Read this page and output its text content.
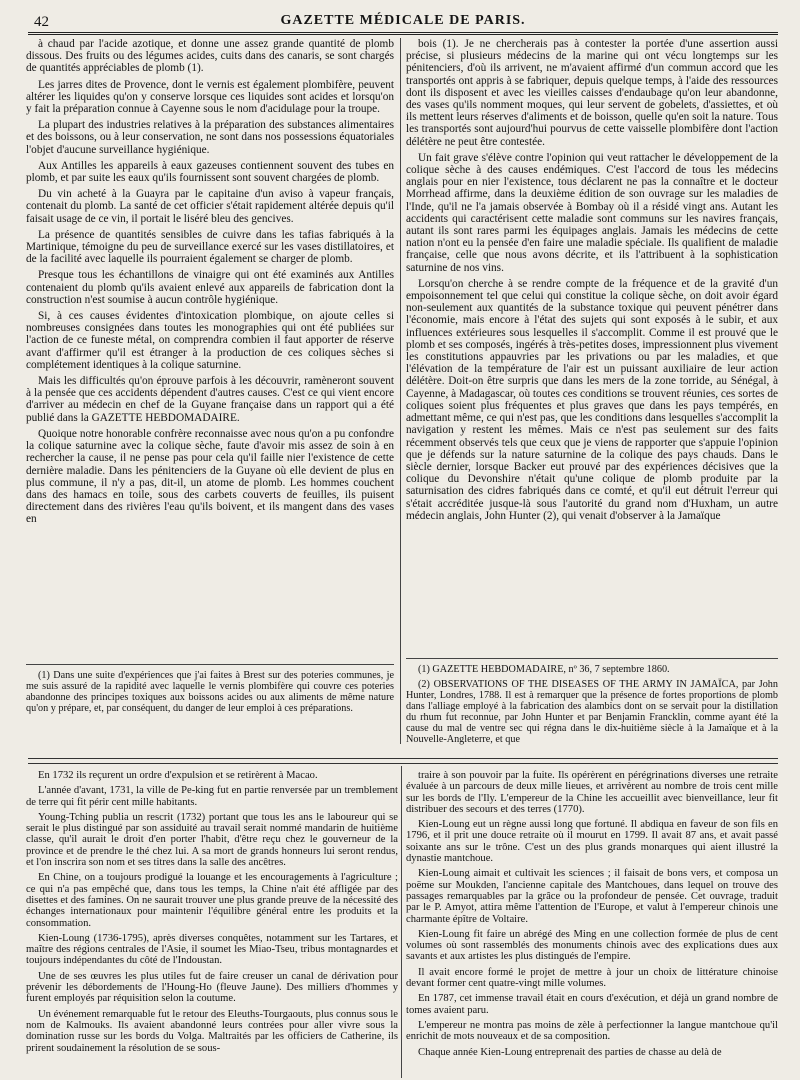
42	GAZETTE MÉDICALE DE PARIS.

à chaud par l'acide azotique, et donne une assez grande quantité de plomb dissous. Des fruits ou des légumes acides, cuits dans des canaris, se sont chargés de quantités appréciables de plomb (1).

Les jarres dites de Provence, dont le vernis est également plombifère, peuvent altérer les liquides qu'on y conserve lorsque ces liquides sont acides et lorsqu'on y fait la préparation connue à Cayenne sous le nom d'acidulage pour la troupe.

La plupart des industries relatives à la préparation des substances alimentaires et des boissons, ou à leur conservation, ne sont dans nos possessions équatoriales l'objet d'aucune surveillance hygiénique.

Aux Antilles les appareils à eaux gazeuses contiennent souvent des tubes en plomb, et par suite les eaux qu'ils fournissent sont souvent chargées de plomb.

Du vin acheté à la Guayra par le capitaine d'un aviso à vapeur français, contenait du plomb. La santé de cet officier s'était rapidement altérée depuis qu'il faisait usage de ce vin, il portait le liséré bleu des gencives.

La présence de quantités sensibles de cuivre dans les tafias fabriqués à la Martinique, témoigne du peu de surveillance exercé sur les vases distillatoires, et de la facilité avec laquelle ils pourraient également se charger de plomb.

Presque tous les échantillons de vinaigre qui ont été examinés aux Antilles contenaient du plomb qu'ils avaient enlevé aux appareils de fabrication dont la construction n'est soumise à aucun contrôle hygiénique.

Si, à ces causes évidentes d'intoxication plombique, on ajoute celles si nombreuses consignées dans toutes les monographies qui ont été publiées sur l'action de ce funeste métal, on comprendra combien il faut apporter de réserve avant d'affirmer qu'il est étranger à la production de ces coliques sèches si complétement identiques à la colique saturnine.

Mais les difficultés qu'on éprouve parfois à les découvrir, ramèneront souvent à la pensée que ces accidents dépendent d'autres causes. C'est ce qui vient encore d'arriver au médecin en chef de la Guyane française dans un rapport qui a été publié dans la GAZETTE HEBDOMADAIRE.

Quoique notre honorable confrère reconnaisse avec nous qu'on a pu confondre la colique saturnine avec la colique sèche, faute d'avoir mis assez de soin à en rechercher la cause, il ne pense pas pour cela qu'il faille nier l'existence de cette dernière maladie. Dans les pénitenciers de la Guyane où elle devient de plus en plus commune, il n'y a pas, dit-il, un atome de plomb. Les hommes couchent dans des hamacs en toile, sous des carbets couverts de feuilles, ils puisent directement dans des rivières l'eau qu'ils boivent, et ils mangent dans des vases en

bois (1). Je ne chercherais pas à contester la portée d'une assertion aussi précise, si plusieurs médecins de la marine qui ont vécu longtemps sur les pénitenciers, d'où ils arrivent, ne m'avaient affirmé d'un commun accord que les transportés ont appris à se fabriquer, depuis quelque temps, à l'aide des ressources dont ils disposent et avec les vieilles caisses d'endaubage qu'on leur abandonne, des vases qu'ils nomment moques, qui leur servent de gobelets, d'assiettes, et où ils mettent leurs réserves d'aliments et de boisson, quelle qu'en soit la nature. Tous les transportés sont aujourd'hui pourvus de cette vaisselle plombifère dont l'action délétère ne peut être contestée.

Un fait grave s'élève contre l'opinion qui veut rattacher le développement de la colique sèche à des causes endémiques. C'est l'accord de tous les médecins anglais pour en nier l'existence, tous déclarent ne pas la connaître et le docteur Morrhead affirme, dans la deuxième édition de son ouvrage sur les maladies de l'Inde, qu'il ne l'a jamais observée à Bombay où il a résidé vingt ans. Autant les accidents qui caractérisent cette maladie sont communs sur les navires français, autant ils sont rares parmi les équipages anglais. Jamais les médecins de cette nation n'ont eu la pensée d'en faire une maladie spéciale. Ils qualifient de maladie française, celle que nous avons décrite, et ils l'attribuent à la sophistication saturnine de nos vins.

Lorsqu'on cherche à se rendre compte de la fréquence et de la gravité d'un empoisonnement tel que celui qui constitue la colique sèche, on doit avoir égard non-seulement aux quantités de la substance toxique qui peuvent pénétrer dans l'économie, mais encore à l'état des sujets qui sont exposés à le subir, et aux influences extérieures sous lesquelles il s'accomplit. Comme il est prouvé que le plomb et ses composés, ingérés à très-petites doses, impressionnent plus vivement les constitutions appauvries par les privations ou par les maladies, et que l'élévation de la température de l'air est un puissant auxiliaire de leur action délétère. Doit-on être surpris que dans les mers de la zone torride, au Sénégal, à Cayenne, à Madagascar, où toutes ces conditions se trouvent réunies, ces sortes de coliques soient plus fréquentes et plus graves que dans les pays tempérés, en admettant même, ce qui n'est pas, que les conditions dans lesquelles s'accomplit la navigation y restent les mêmes. Mais ce n'est pas seulement sur des faits récemment observés tels que ceux que je viens de rapporter que s'appuie l'opinion que je défends sur la nature saturnine de la colique des pays chauds. Dans le siècle dernier, lorsque Backer eut prouvé par des expériences décisives que la colique du Devonshire n'était qu'une colique de plomb produite par la saturnisation des cidres fabriqués dans ce comté, et qu'il eut détruit l'erreur qui s'était accréditée jusque-là sous l'autorité du grand nom d'Huxham, un autre médecin anglais, John Hunter (2), qui venait d'observer à la Jamaïque

(1) Dans une suite d'expériences que j'ai faites à Brest sur des poteries communes, je me suis assuré de la rapidité avec laquelle le vernis plombifère qui couvre ces poteries abandonne des principes toxiques aux boissons acides ou aux aliments de même nature qu'on y prépare, et, par conséquent, du danger de leur emploi à ces préparations.

(1) GAZETTE HEBDOMADAIRE, nº 36, 7 septembre 1860.

(2) OBSERVATIONS OF THE DISEASES OF THE ARMY IN JAMAÏCA, par John Hunter, Londres, 1788. Il est à remarquer que la présence de fortes proportions de plomb dans l'alliage employé à la fabrication des alambics dont on se servait pour la distillation du rhum fut reconnue, par John Hunter et par Benjamin Francklin, comme ayant été la cause du mal de ventre sec qui régna dans le dix-huitième siècle à la Jamaïque et à la Nouvelle-Angleterre, et que

En 1732 ils reçurent un ordre d'expulsion et se retirèrent à Macao.

L'année d'avant, 1731, la ville de Pe-king fut en partie renversée par un tremblement de terre qui fit périr cent mille habitants.

Young-Tching publia un rescrit (1732) portant que tous les ans le laboureur qui se serait le plus distingué par son assiduité au travail serait nommé mandarin de huitième classe, qu'il aurait le droit d'en porter l'habit, d'être reçu chez le gouverneur de la province et de prendre le thé chez lui. A sa mort de grands honneurs lui seront rendus, et l'on inscrira son nom et ses titres dans la salle des ancêtres.

En Chine, on a toujours prodigué la louange et les encouragements à l'agriculture ; ce qui n'a pas empêché que, dans tous les temps, la Chine n'ait été affligée par des disettes et des famines. On ne saurait trouver une plus grande preuve de la nécessité des échanges internationaux pour maintenir l'équilibre général entre les produits et la consommation.

Kien-Loung (1736-1795), après diverses conquêtes, notamment sur les Tartares, et maître des régions centrales de l'Asie, il soumet les Miao-Tseu, tribus montagnardes et toujours indépendantes du côté de l'Indoustan.

Une de ses œuvres les plus utiles fut de faire creuser un canal de dérivation pour prévenir les débordements de l'Houng-Ho (fleuve Jaune). Des milliers d'hommes y furent employés par réquisition selon la coutume.

Un événement remarquable fut le retour des Eleuths-Tourgaouts, plus connus sous le nom de Kalmouks. Ils avaient abandonné leurs contrées pour aller vivre sous la domination russe sur les bords du Volga. Maltraités par les officiers de Catherine, ils prirent soudainement la résolution de se sous-

traire à son pouvoir par la fuite. Ils opérèrent en pérégrinations diverses une retraite évaluée à un parcours de deux mille lieues, et arrivèrent au nombre de trois cent mille sur les bords de l'Ily. L'empereur de la Chine les accueillit avec bienveillance, leur fit distribuer des secours et des terres (1770).

Kien-Loung eut un règne aussi long que fortuné. Il abdiqua en faveur de son fils en 1796, et il prit une douce retraite où il mourut en 1799. Il avait 87 ans, et avait passé soixante ans sur le trône. C'est un des plus grands monarques qui aient illustré la dynastie mantchoue.

Kien-Loung aimait et cultivait les sciences ; il faisait de bons vers, et composa un poëme sur Moukden, l'ancienne capitale des Mantchoues, dans lequel on trouve des passages remarquables par la grâce ou la profondeur de pensée. Cet ouvrage, traduit par le P. Amyot, attira même l'attention de l'Europe, et valut à l'empereur chinois une charmante épître de Voltaire.

Kien-Loung fit faire un abrégé des Ming en une collection formée de plus de cent volumes où sont rassemblés des monuments chinois avec des explications dues aux savants et aux artistes les plus distingués de l'empire.

Il avait encore formé le projet de mettre à jour un choix de littérature chinoise devant former cent quatre-vingt mille volumes.

En 1787, cet immense travail était en cours d'exécution, et déjà un grand nombre de tomes avaient paru.

L'empereur ne montra pas moins de zèle à perfectionner la langue mantchoue qu'il enrichit de mots nouveaux et de sa composition.

Chaque année Kien-Loung entreprenait des parties de chasse au delà de
